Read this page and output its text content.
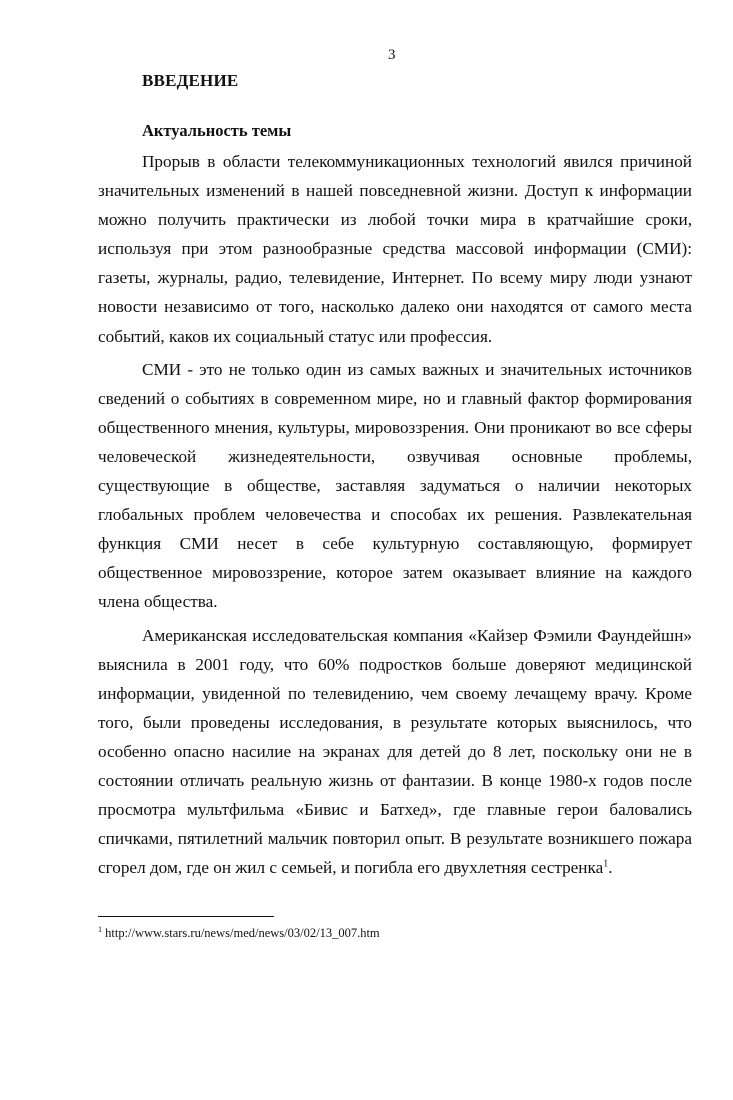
3
ВВЕДЕНИЕ
Актуальность темы

Прорыв в области телекоммуникационных технологий явился причиной значительных изменений в нашей повседневной жизни. Доступ к информации можно получить практически из любой точки мира в кратчайшие сроки, используя при этом разнообразные средства массовой информации (СМИ): газеты, журналы, радио, телевидение, Интернет. По всему миру люди узнают новости независимо от того, насколько далеко они находятся от самого места событий, каков их социальный статус или профессия.

СМИ - это не только один из самых важных и значительных источников сведений о событиях в современном мире, но и главный фактор формирования общественного мнения, культуры, мировоззрения. Они проникают во все сферы человеческой жизнедеятельности, озвучивая основные проблемы, существующие в обществе, заставляя задуматься о наличии некоторых глобальных проблем человечества и способах их решения. Развлекательная функция СМИ несет в себе культурную составляющую, формирует общественное мировоззрение, которое затем оказывает влияние на каждого члена общества.

Американская исследовательская компания «Кайзер Фэмили Фаундейшн» выяснила в 2001 году, что 60% подростков больше доверяют медицинской информации, увиденной по телевидению, чем своему лечащему врачу. Кроме того, были проведены исследования, в результате которых выяснилось, что особенно опасно насилие на экранах для детей до 8 лет, поскольку они не в состоянии отличать реальную жизнь от фантазии. В конце 1980-х годов после просмотра мультфильма «Бивис и Батхед», где главные герои баловались спичками, пятилетний мальчик повторил опыт. В результате возникшего пожара сгорел дом, где он жил с семьей, и погибла его двухлетняя сестренка$^1$.

$^1$ http://www.stars.ru/news/med/news/03/02/13_007.htm
